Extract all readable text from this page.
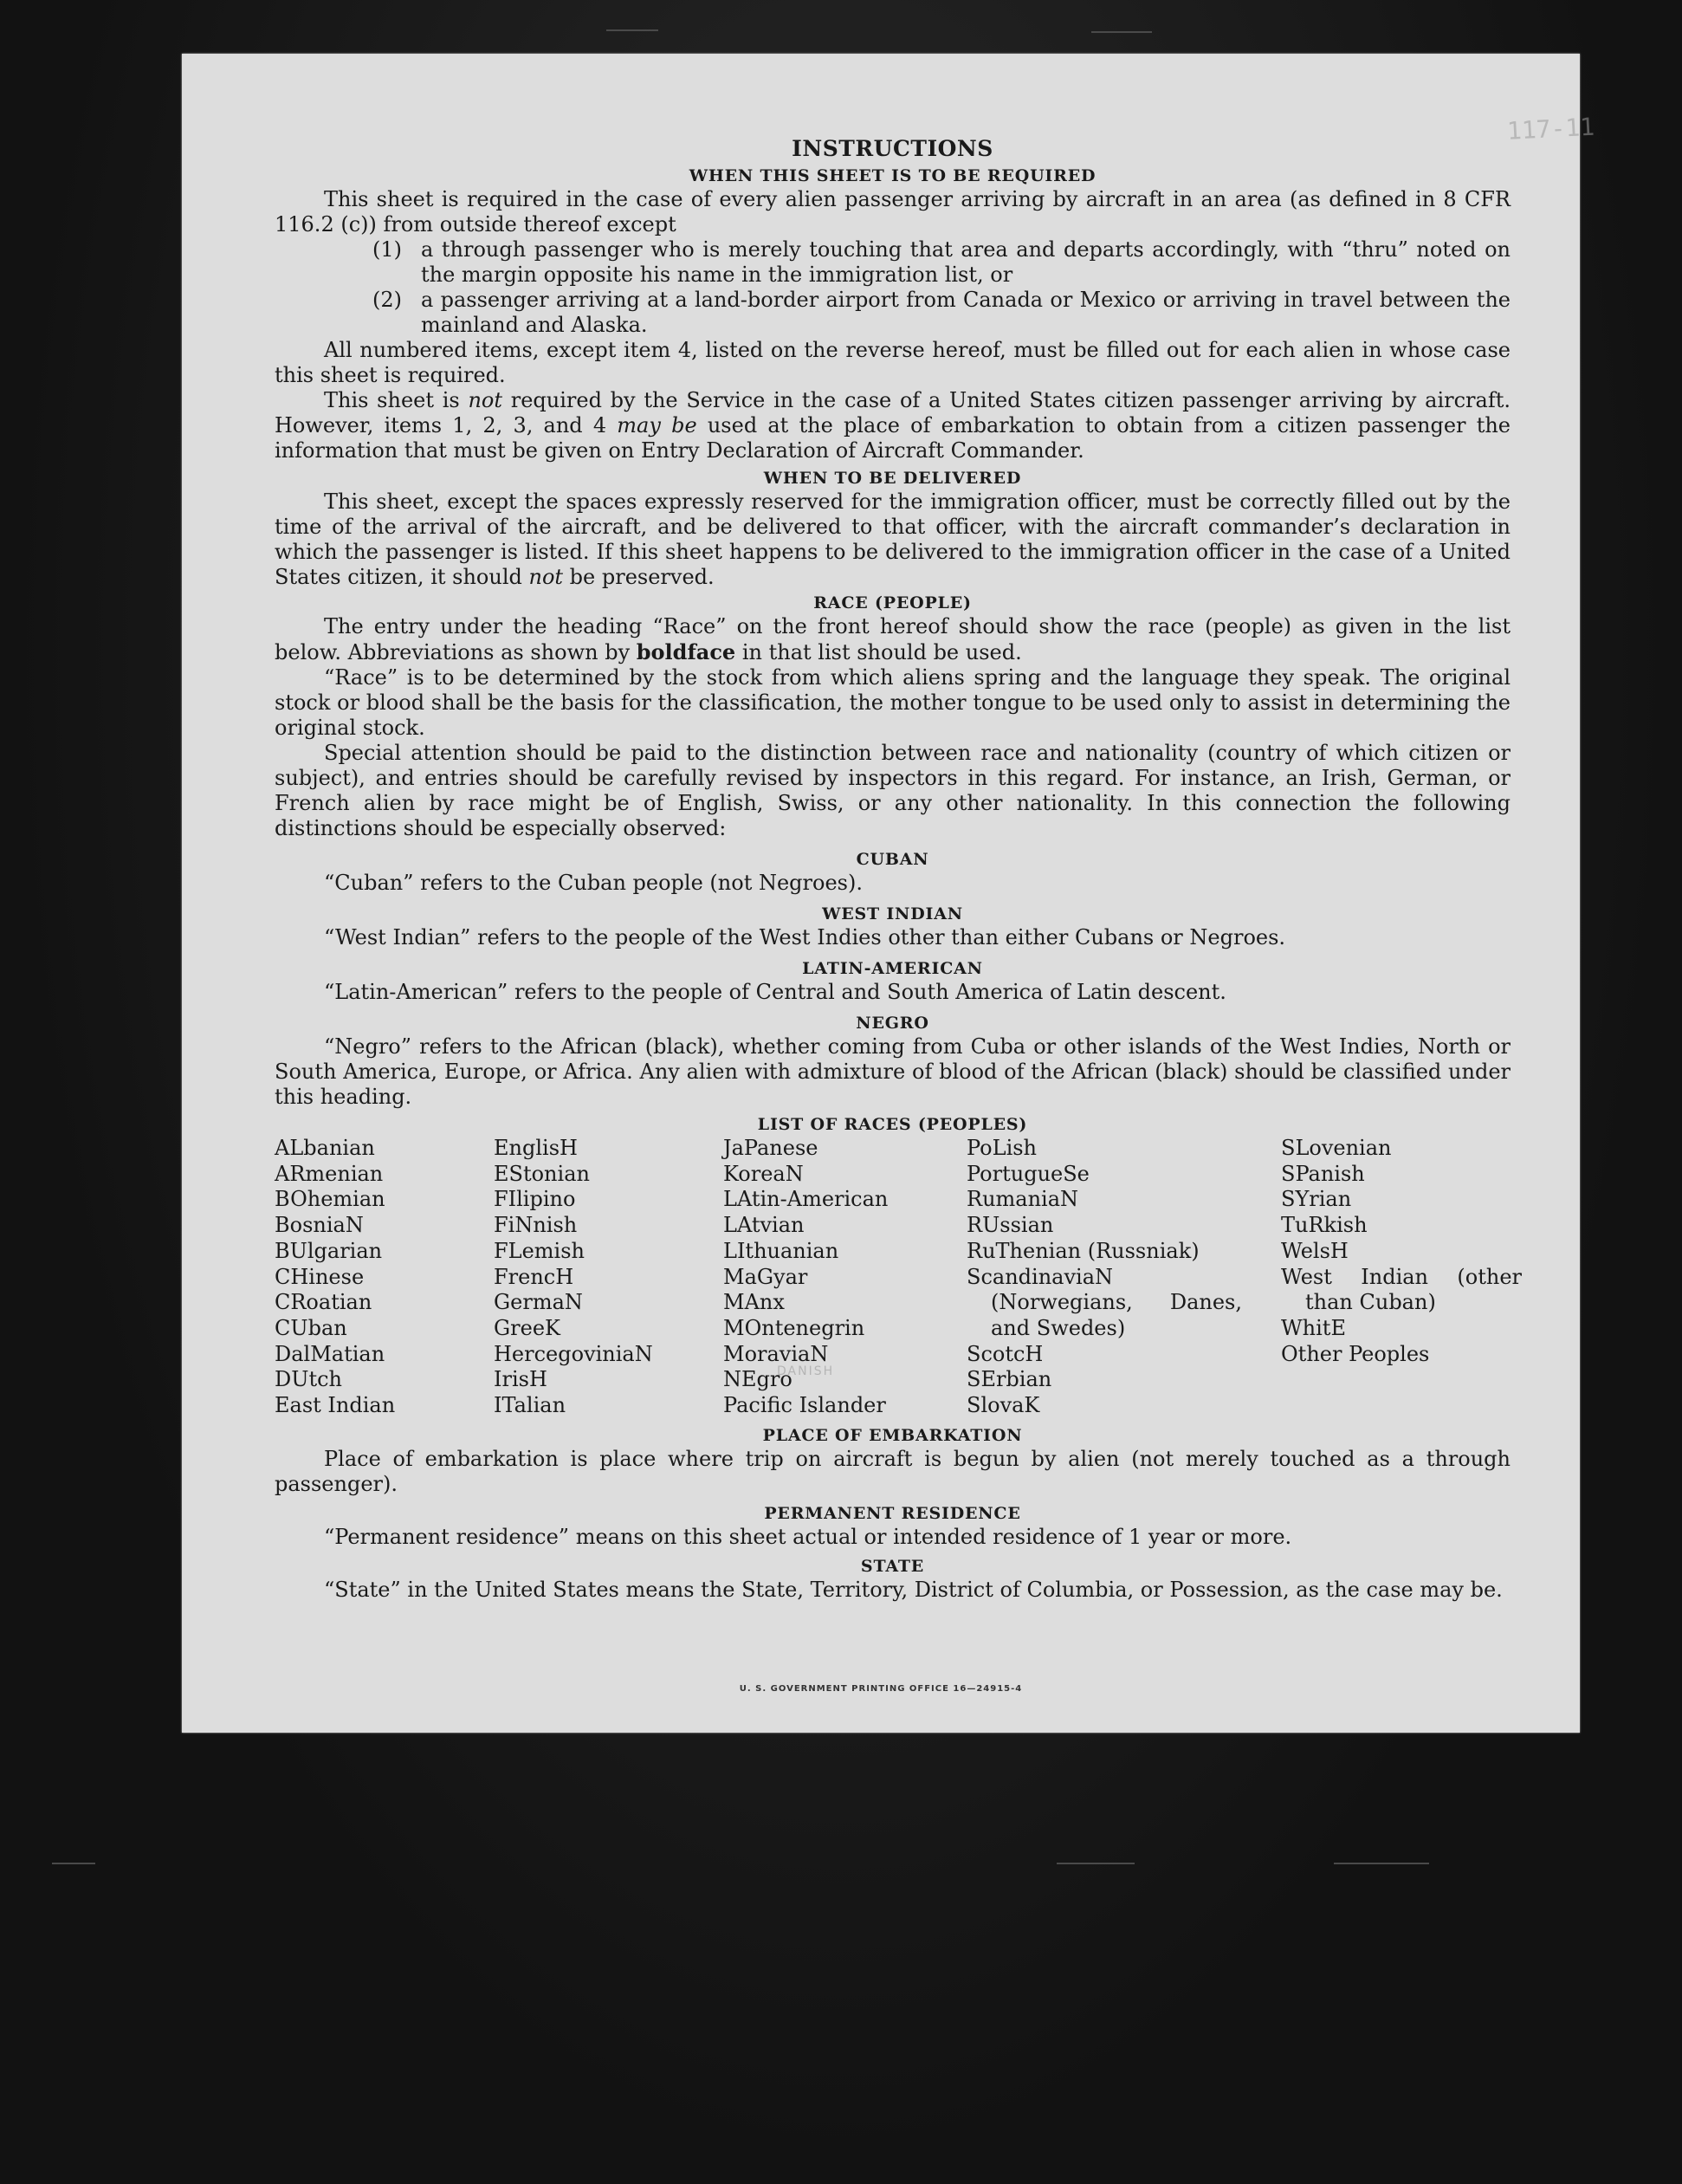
117-11
INSTRUCTIONS
WHEN THIS SHEET IS TO BE REQUIRED

This sheet is required in the case of every alien passenger arriving by aircraft in an area (as defined in 8 CFR 116.2 (c)) from outside thereof except

(1) a through passenger who is merely touching that area and departs accordingly, with “thru” noted on the margin opposite his name in the immigration list, or
(2) a passenger arriving at a land-border airport from Canada or Mexico or arriving in travel between the mainland and Alaska.

All numbered items, except item 4, listed on the reverse hereof, must be filled out for each alien in whose case this sheet is required.

This sheet is not required by the Service in the case of a United States citizen passenger arriving by aircraft. However, items 1, 2, 3, and 4 may be used at the place of embarkation to obtain from a citizen passenger the information that must be given on Entry Declaration of Aircraft Commander.

WHEN TO BE DELIVERED

This sheet, except the spaces expressly reserved for the immigration officer, must be correctly filled out by the time of the arrival of the aircraft, and be delivered to that officer, with the aircraft commander’s declaration in which the passenger is listed. If this sheet happens to be delivered to the immigration officer in the case of a United States citizen, it should not be preserved.

RACE (PEOPLE)

The entry under the heading “Race” on the front hereof should show the race (people) as given in the list below. Abbreviations as shown by boldface in that list should be used.

“Race” is to be determined by the stock from which aliens spring and the language they speak. The original stock or blood shall be the basis for the classification, the mother tongue to be used only to assist in determining the original stock.

Special attention should be paid to the distinction between race and nationality (country of which citizen or subject), and entries should be carefully revised by inspectors in this regard. For instance, an Irish, German, or French alien by race might be of English, Swiss, or any other nationality. In this connection the following distinctions should be especially observed:

CUBAN

“Cuban” refers to the Cuban people (not Negroes).

WEST INDIAN

“West Indian” refers to the people of the West Indies other than either Cubans or Negroes.

LATIN-AMERICAN

“Latin-American” refers to the people of Central and South America of Latin descent.

NEGRO

“Negro” refers to the African (black), whether coming from Cuba or other islands of the West Indies, North or South America, Europe, or Africa. Any alien with admixture of blood of the African (black) should be classified under this heading.

LIST OF RACES (PEOPLES)
ALbanian
ARmenian
BOhemian
BosniaN
BUlgarian
CHinese
CRoatian
CUban
DalMatian
DUtch
East Indian
EnglisH
EStonian
FIlipino
FiNnish
FLemish
FrencH
GermaN
GreeK
HercegoviniaN
IrisH
ITalian
JaPanese
KoreaN
LAtin-American
LAtvian
LIthuanian
MaGyar
MAnx
MOntenegrin
MoraviaN
NEgro
Pacific Islander
PoLish
PortugueSe
RumaniaN
RUssian
RuThenian (Russniak)
ScandinaviaN (Norwegians, Danes, and Swedes)
ScotcH
SErbian
SlovaK
SLovenian
SPanish
SYrian
TuRkish
WelsH
West Indian (other than Cuban)
WhitE
Other Peoples
PLACE OF EMBARKATION

Place of embarkation is place where trip on aircraft is begun by alien (not merely touched as a through passenger).

PERMANENT RESIDENCE

“Permanent residence” means on this sheet actual or intended residence of 1 year or more.

STATE

“State” in the United States means the State, Territory, District of Columbia, or Possession, as the case may be.

U. S. GOVERNMENT PRINTING OFFICE 16—24915-4
DANISH
